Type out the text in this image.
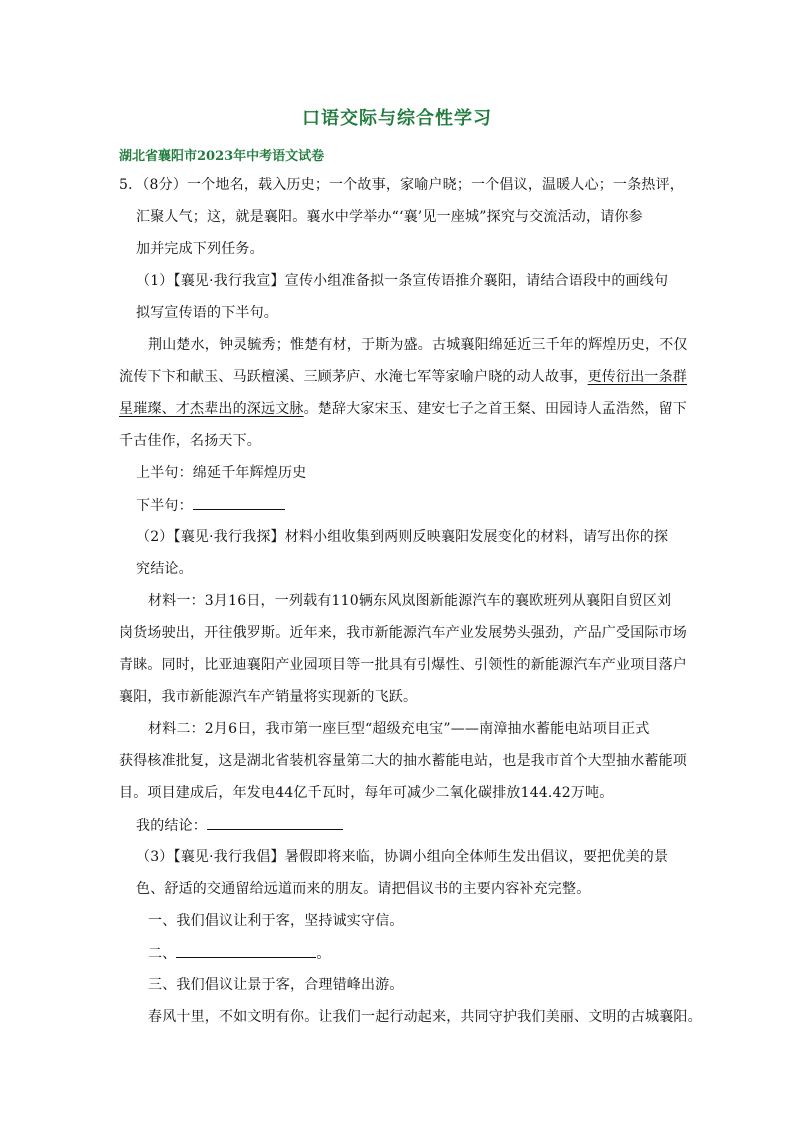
口语交际与综合性学习
湖北省襄阳市2023年中考语文试卷
5．（8分）一个地名，载入历史；一个故事，家喻户晓；一个倡议，温暖人心；一条热评，
汇聚人气；这，就是襄阳。襄水中学举办“‘襄’见一座城”探究与交流活动，请你参
加并完成下列任务。
（1）【襄见·我行我宣】宣传小组准备拟一条宣传语推介襄阳，请结合语段中的画线句
拟写宣传语的下半句。
荆山楚水，钟灵毓秀；惟楚有材，于斯为盛。古城襄阳绵延近三千年的辉煌历史，不仅
流传下卞和献玉、马跃檀溪、三顾茅庐、水淹七军等家喻户晓的动人故事，更传衍出一条群
星璀璨、才杰辈出的深远文脉。楚辞大家宋玉、建安七子之首王粲、田园诗人孟浩然，留下
千古佳作，名扬天下。
上半句：绵延千年辉煌历史
下半句：
（2）【襄见·我行我探】材料小组收集到两则反映襄阳发展变化的材料，请写出你的探
究结论。
材料一：3月16日，一列载有110辆东风岚图新能源汽车的襄欧班列从襄阳自贸区刘
岗货场驶出，开往俄罗斯。近年来，我市新能源汽车产业发展势头强劲，产品广受国际市场
青睐。同时，比亚迪襄阳产业园项目等一批具有引爆性、引领性的新能源汽车产业项目落户
襄阳，我市新能源汽车产销量将实现新的飞跃。
材料二：2月6日，我市第一座巨型“超级充电宝”——南漳抽水蓄能电站项目正式
获得核准批复，这是湖北省装机容量第二大的抽水蓄能电站，也是我市首个大型抽水蓄能项
目。项目建成后，年发电44亿千瓦时，每年可减少二氧化碳排放144.42万吨。
我的结论：
（3）【襄见·我行我倡】暑假即将来临，协调小组向全体师生发出倡议，要把优美的景
色、舒适的交通留给远道而来的朋友。请把倡议书的主要内容补充完整。
一、我们倡议让利于客，坚持诚实守信。
二、	。
三、我们倡议让景于客，合理错峰出游。
春风十里，不如文明有你。让我们一起行动起来，共同守护我们美丽、文明的古城襄阳。
